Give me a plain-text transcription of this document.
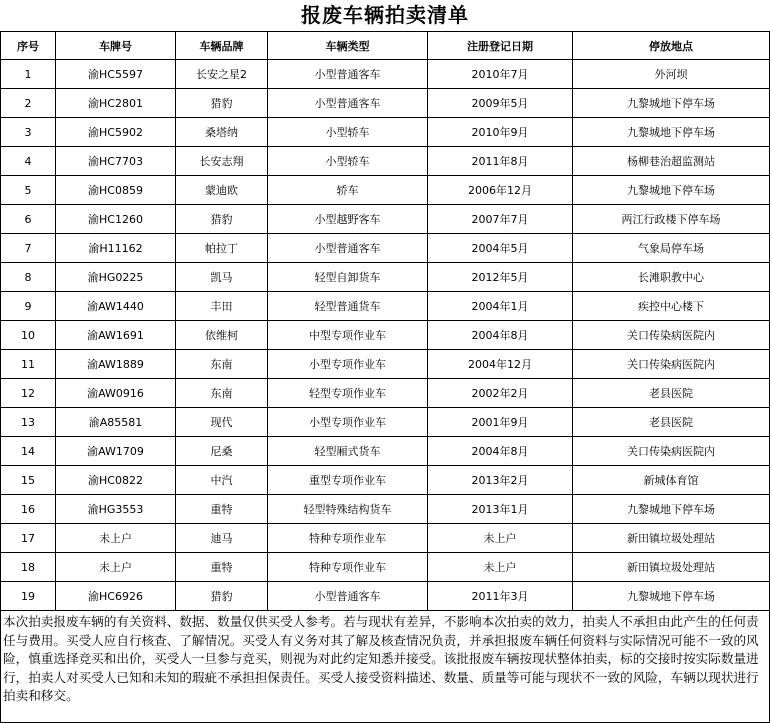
报废车辆拍卖清单
序号	车牌号	车辆品牌	车辆类型	注册登记日期	停放地点
1	渝HC5597	长安之星2	小型普通客车	2010年7月	外河坝
2	渝HC2801	猎豹	小型普通客车	2009年5月	九黎城地下停车场
3	渝HC5902	桑塔纳	小型轿车	2010年9月	九黎城地下停车场
4	渝HC7703	长安志翔	小型轿车	2011年8月	杨柳巷治超监测站
5	渝HC0859	蒙迪欧	轿车	2006年12月	九黎城地下停车场
6	渝HC1260	猎豹	小型越野客车	2007年7月	两江行政楼下停车场
7	渝H11162	帕拉丁	小型普通客车	2004年5月	气象局停车场
8	渝HG0225	凯马	轻型自卸货车	2012年5月	长滩职教中心
9	渝AW1440	丰田	轻型普通货车	2004年1月	疾控中心楼下
10	渝AW1691	依维柯	中型专项作业车	2004年8月	关口传染病医院内
11	渝AW1889	东南	小型专项作业车	2004年12月	关口传染病医院内
12	渝AW0916	东南	轻型专项作业车	2002年2月	老县医院
13	渝A85581	现代	小型专项作业车	2001年9月	老县医院
14	渝AW1709	尼桑	轻型厢式货车	2004年8月	关口传染病医院内
15	渝HC0822	中汽	重型专项作业车	2013年2月	新城体育馆
16	渝HG3553	重特	轻型特殊结构货车	2013年1月	九黎城地下停车场
17	未上户	迪马	特种专项作业车	未上户	新田镇垃圾处理站
18	未上户	重特	特种专项作业车	未上户	新田镇垃圾处理站
19	渝HC6926	猎豹	小型普通客车	2011年3月	九黎城地下停车场
本次拍卖报废车辆的有关资料、数据、数量仅供买受人参考。若与现状有差异，不影响本次拍卖的效力，拍卖人不承担由此产生的任何责任与费用。买受人应自行核查、了解情况。买受人有义务对其了解及核查情况负责，并承担报废车辆任何资料与实际情况可能不一致的风险，慎重选择竞买和出价，买受人一旦参与竞买，则视为对此约定知悉并接受。该批报废车辆按现状整体拍卖，标的交接时按实际数量进行，拍卖人对买受人已知和未知的瑕疵不承担担保责任。买受人接受资料描述、数量、质量等可能与现状不一致的风险，车辆以现状进行拍卖和移交。					
